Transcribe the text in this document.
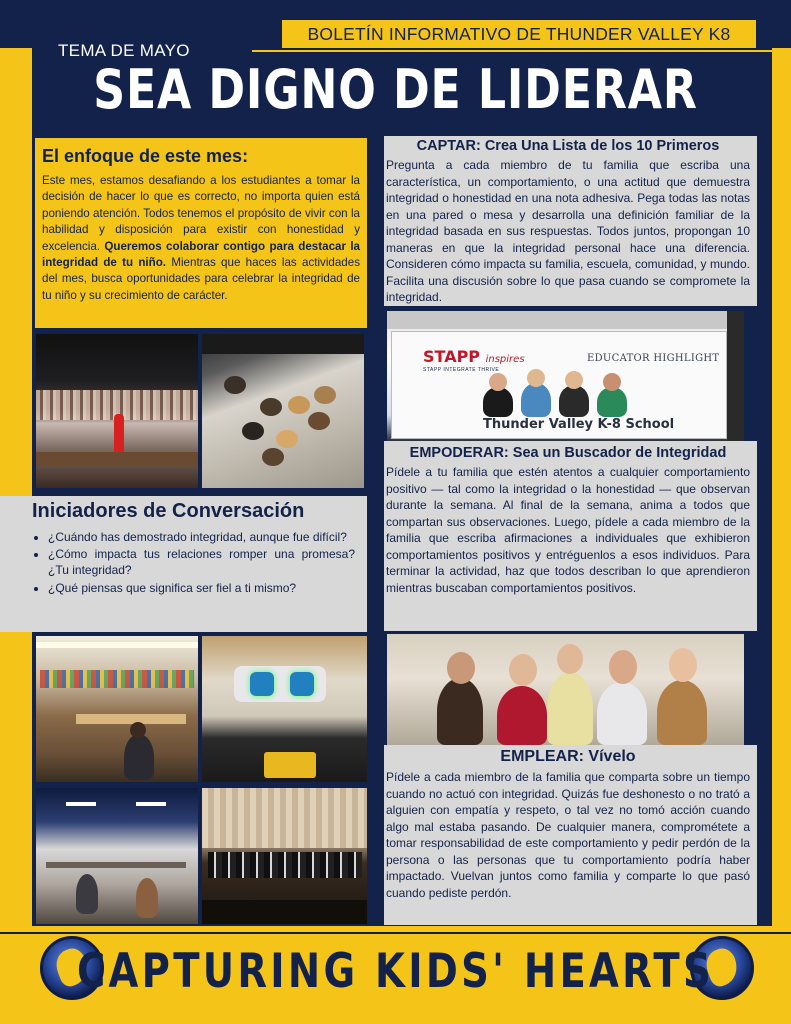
BOLETÍN INFORMATIVO DE THUNDER VALLEY K8
TEMA DE MAYO
SEA DIGNO DE LIDERAR

El enfoque de este mes:

Este mes, estamos desafiando a los estudiantes a tomar la decisión de hacer lo que es correcto, no importa quien está poniendo atención. Todos tenemos el propósito de vivir con la habilidad y disposición para existir con honestidad y excelencia. Queremos colaborar contigo para destacar la integridad de tu niño. Mientras que haces las actividades del mes, busca oportunidades para celebrar la integridad de tu niño y su crecimiento de carácter.

Iniciadores de Conversación

• ¿Cuándo has demostrado integridad, aunque fue difícil?
• ¿Cómo impacta tus relaciones romper una promesa? ¿Tu integridad?
• ¿Qué piensas que significa ser fiel a ti mismo?

CAPTAR: Crea Una Lista de los 10 Primeros

Pregunta a cada miembro de tu familia que escriba una característica, un comportamiento, o una actitud que demuestra integridad o honestidad en una nota adhesiva. Pega todas las notas en una pared o mesa y desarrolla una definición familiar de la integridad basada en sus respuestas. Todos juntos, propongan 10 maneras en que la integridad personal hace una diferencia. Consideren cómo impacta su familia, escuela, comunidad, y mundo. Facilita una discusión sobre lo que pasa cuando se compromete la integridad.

STAPP inspires
STAPP INTEGRATE THRIVE
EDUCATOR HIGHLIGHT
Thunder Valley K-8 School

EMPODERAR: Sea un Buscador de Integridad

Pídele a tu familia que estén atentos a cualquier comportamiento positivo — tal como la integridad o la honestidad — que observan durante la semana. Al final de la semana, anima a todos que compartan sus observaciones. Luego, pídele a cada miembro de la familia que escriba afirmaciones a individuales que exhibieron comportamientos positivos y entréguenlos a esos individuos. Para terminar la actividad, haz que todos describan lo que aprendieron mientras buscaban comportamientos positivos.

EMPLEAR: Vívelo

Pídele a cada miembro de la familia que comparta sobre un tiempo cuando no actuó con integridad. Quizás fue deshonesto o no trató a alguien con empatía y respeto, o tal vez no tomó acción cuando algo mal estaba pasando. De cualquier manera, comprométete a tomar responsabilidad de este comportamiento y pedir perdón de la persona o las personas que tu comportamiento podría haber impactado. Vuelvan juntos como familia y comparte lo que pasó cuando pediste perdón.

CAPTURING KIDS' HEARTS
